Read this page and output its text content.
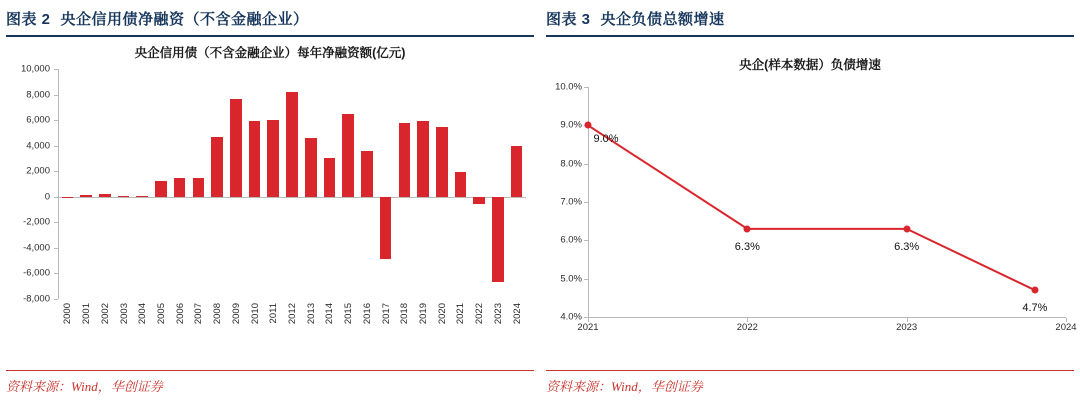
图表 2 央企信用债净融资（不含金融企业）
央企信用债（不含金融企业）每年净融资额(亿元)
-8,000
-6,000
-4,000
-2,000
0
2,000
4,000
6,000
8,000
10,000
2000 2001 2002 2003 2004 2005 2006 2007 2008 2009 2010 2011 2012 2013 2014 2015 2016 2017 2018 2019 2020 2021 2022 2023 2024
资料来源：Wind，华创证券
图表 3 央企负债总额增速
央企(样本数据）负债增速
4.0%
5.0%
6.0%
7.0%
8.0%
9.0%
10.0%
2021	2022	2023	2024
9.0%
6.3%	6.3%
4.7%
资料来源：Wind，华创证券
